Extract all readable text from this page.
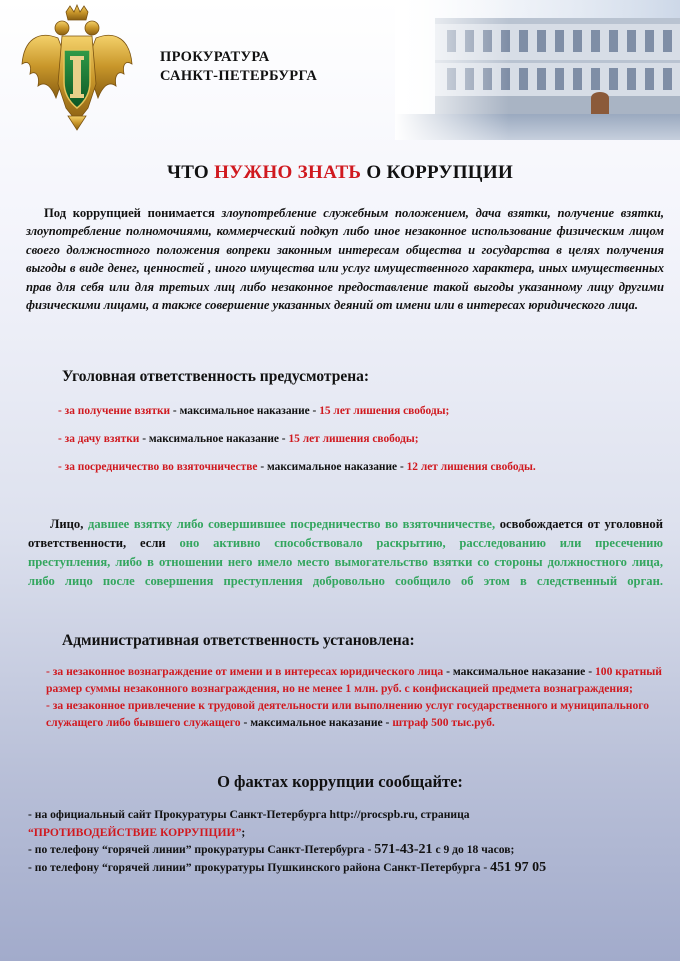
ПРОКУРАТУРА
САНКТ-ПЕТЕРБУРГА
ЧТО НУЖНО ЗНАТЬ О КОРРУПЦИИ
Под коррупцией понимается злоупотребление служебным положением, дача взятки, получение взятки, злоупотребление полномочиями, коммерческий подкуп либо иное незаконное использование физическим лицом своего должностного положения вопреки законным интересам общества и государства в целях получения выгоды в виде денег, ценностей , иного имущества или услуг имущественного характера, иных имущественных прав для себя или для третьих лиц либо незаконное предоставление такой выгоды указанному лицу другими физическими лицами, а также совершение указанных деяний от имени или в интересах юридического лица.
Уголовная ответственность предусмотрена:
- за получение взятки - максимальное наказание - 15 лет лишения свободы;
- за дачу взятки - максимальное наказание - 15 лет лишения свободы;
- за посредничество во взяточничестве - максимальное наказание - 12 лет лишения свободы.
Лицо, давшее взятку либо совершившее посредничество во взяточничестве, освобождается от уголовной ответственности, если оно активно способствовало раскрытию, расследованию или пресечению преступления, либо в отношении него имело место вымогательство взятки со стороны должностного лица, либо лицо после совершения преступления добровольно сообщило об этом в следственный орган.
Административная ответственность установлена:

- за незаконное вознаграждение от имени и в интересах юридического лица - максимальное наказание - 100 кратный размер суммы незаконного вознаграждения, но не менее 1 млн. руб. с конфискацией предмета вознаграждения;

- за незаконное привлечение к трудовой деятельности или выполнению услуг государственного и муниципального служащего либо бывшего служащего - максимальное наказание - штраф 500 тыс.руб.

О фактах коррупции сообщайте:

- на официальный сайт Прокуратуры Санкт-Петербурга http://procspb.ru, страница

“ПРОТИВОДЕЙСТВИЕ КОРРУПЦИИ”;

- по телефону “горячей линии” прокуратуры Санкт-Петербурга - 571-43-21 с 9 до 18 часов;

- по телефону “горячей линии” прокуратуры Пушкинского района Санкт-Петербурга - 451 97 05
